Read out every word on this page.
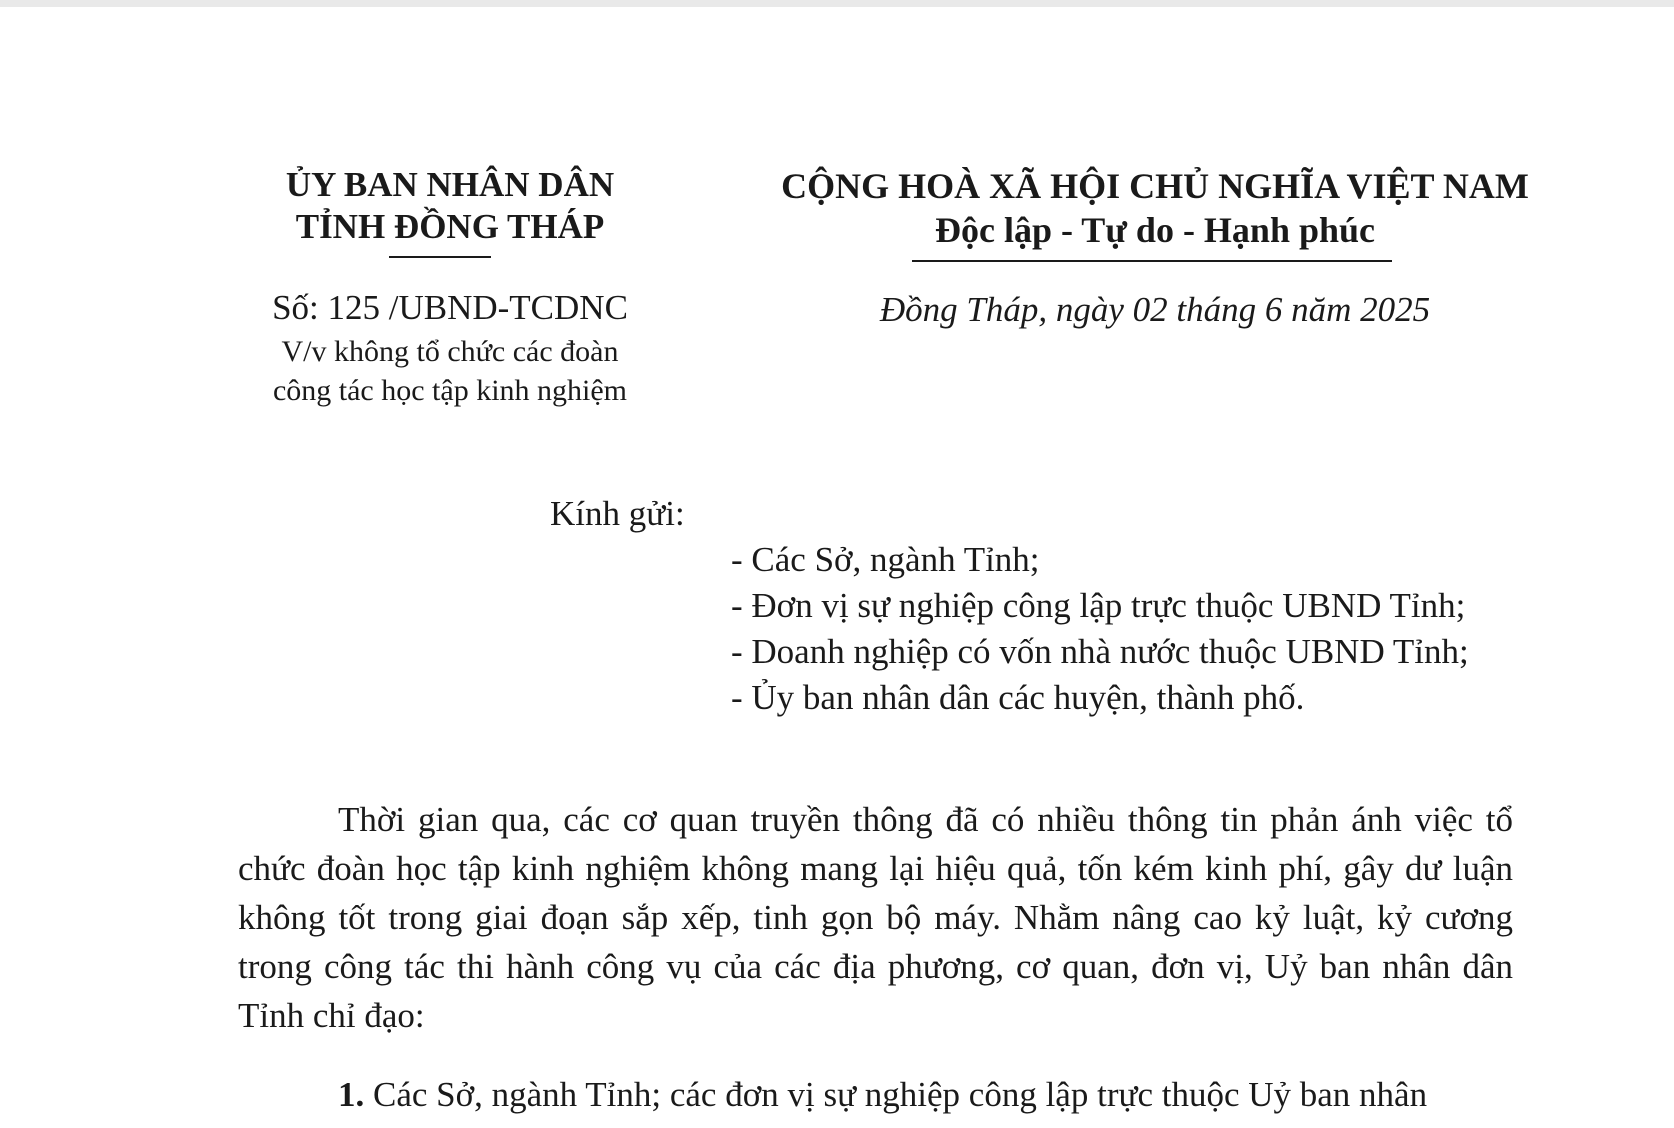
ỦY BAN NHÂN DÂN
TỈNH ĐỒNG THÁP
CỘNG HOÀ XÃ HỘI CHỦ NGHĨA VIỆT NAM
Độc lập - Tự do - Hạnh phúc
Số: 125 /UBND-TCDNC
V/v không tổ chức các đoàn
công tác học tập kinh nghiệm
Đồng Tháp, ngày 02 tháng 6 năm 2025
Kính gửi:
- Các Sở, ngành Tỉnh;
- Đơn vị sự nghiệp công lập trực thuộc UBND Tỉnh;
- Doanh nghiệp có vốn nhà nước thuộc UBND Tỉnh;
- Ủy ban nhân dân các huyện, thành phố.
Thời gian qua, các cơ quan truyền thông đã có nhiều thông tin phản ánh việc tổ chức đoàn học tập kinh nghiệm không mang lại hiệu quả, tốn kém kinh phí, gây dư luận không tốt trong giai đoạn sắp xếp, tinh gọn bộ máy. Nhằm nâng cao kỷ luật, kỷ cương trong công tác thi hành công vụ của các địa phương, cơ quan, đơn vị, Uỷ ban nhân dân Tỉnh chỉ đạo:
1. Các Sở, ngành Tỉnh; các đơn vị sự nghiệp công lập trực thuộc Uỷ ban nhân
